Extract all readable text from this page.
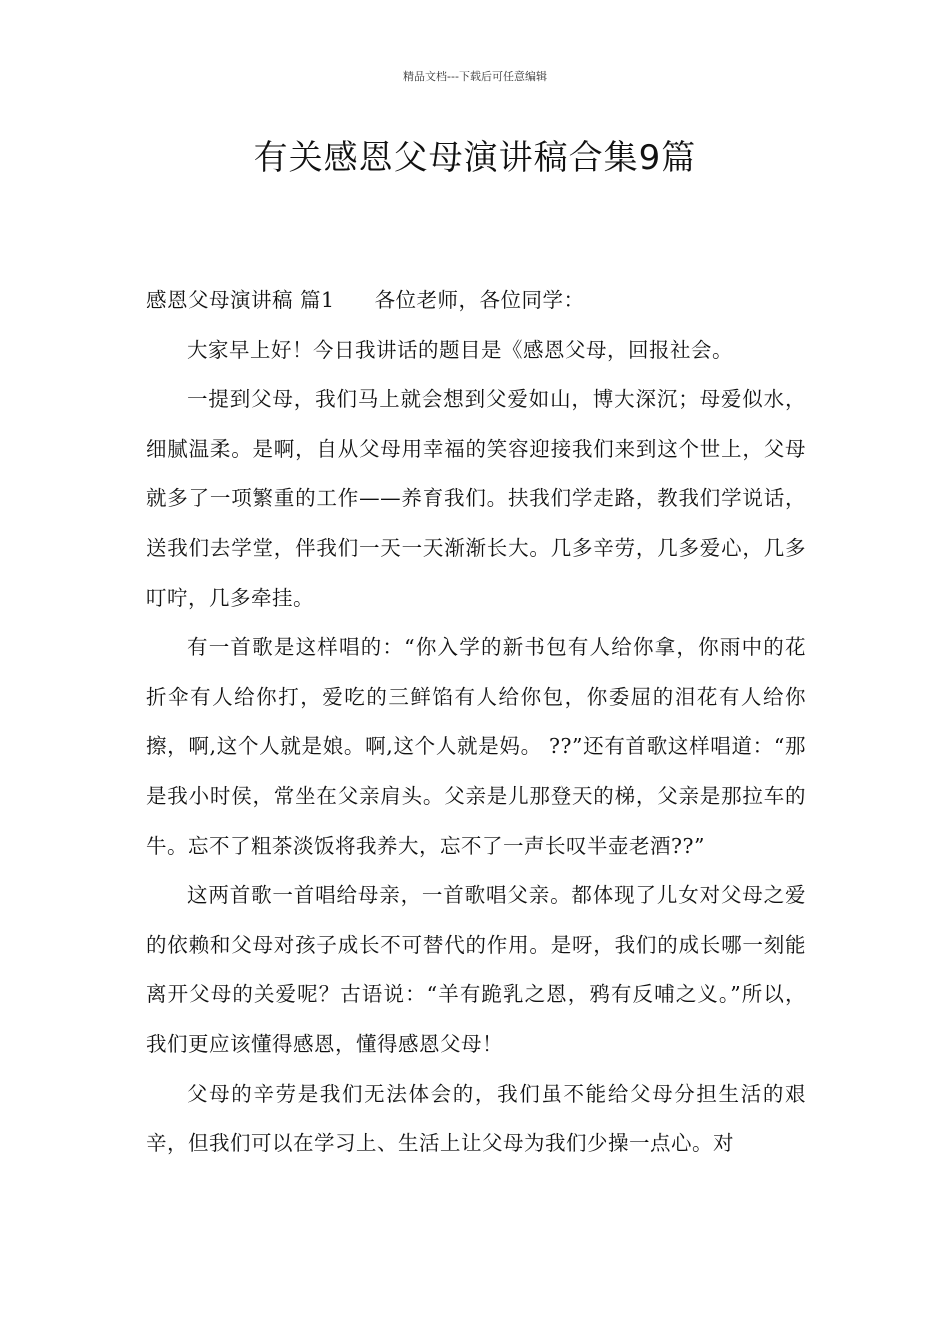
精品文档---下载后可任意编辑
有关感恩父母演讲稿合集9篇

感恩父母演讲稿 篇1 各位老师，各位同学：

大家早上好！今日我讲话的题目是《感恩父母，回报社会。

一提到父母，我们马上就会想到父爱如山，博大深沉；母爱似水，细腻温柔。是啊，自从父母用幸福的笑容迎接我们来到这个世上，父母就多了一项繁重的工作——养育我们。扶我们学走路，教我们学说话，送我们去学堂，伴我们一天一天渐渐长大。几多辛劳，几多爱心，几多叮咛，几多牵挂。

有一首歌是这样唱的：“你入学的新书包有人给你拿，你雨中的花折伞有人给你打，爱吃的三鲜馅有人给你包，你委屈的泪花有人给你擦，啊,这个人就是娘。啊,这个人就是妈。 ??”还有首歌这样唱道：“那是我小时侯，常坐在父亲肩头。父亲是儿那登天的梯，父亲是那拉车的牛。忘不了粗茶淡饭将我养大，忘不了一声长叹半壶老酒??”

这两首歌一首唱给母亲，一首歌唱父亲。都体现了儿女对父母之爱的依赖和父母对孩子成长不可替代的作用。是呀，我们的成长哪一刻能离开父母的关爱呢？古语说：“羊有跪乳之恩，鸦有反哺之义。”所以，我们更应该懂得感恩，懂得感恩父母！

父母的辛劳是我们无法体会的，我们虽不能给父母分担生活的艰辛，但我们可以在学习上、生活上让父母为我们少操一点心。对
